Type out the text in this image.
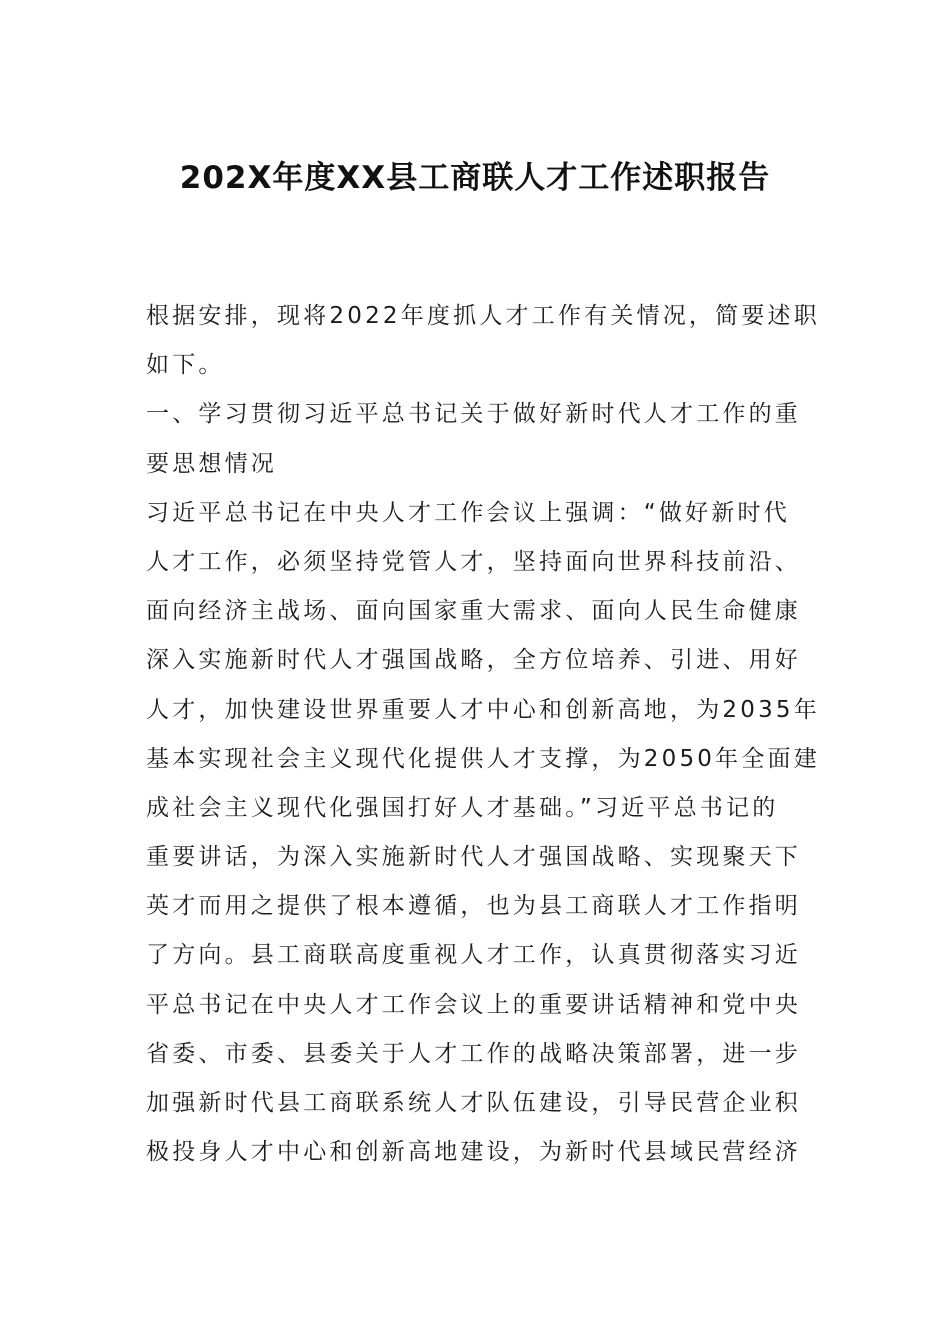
202X年度XX县工商联人才工作述职报告
根据安排，现将2022年度抓人才工作有关情况，简要述职
如下。
一、学习贯彻习近平总书记关于做好新时代人才工作的重
要思想情况
习近平总书记在中央人才工作会议上强调：“做好新时代
人才工作，必须坚持党管人才，坚持面向世界科技前沿、
面向经济主战场、面向国家重大需求、面向人民生命健康
深入实施新时代人才强国战略，全方位培养、引进、用好
人才，加快建设世界重要人才中心和创新高地，为2035年
基本实现社会主义现代化提供人才支撑，为2050年全面建
成社会主义现代化强国打好人才基础。”习近平总书记的
重要讲话，为深入实施新时代人才强国战略、实现聚天下
英才而用之提供了根本遵循，也为县工商联人才工作指明
了方向。县工商联高度重视人才工作，认真贯彻落实习近
平总书记在中央人才工作会议上的重要讲话精神和党中央
省委、市委、县委关于人才工作的战略决策部署，进一步
加强新时代县工商联系统人才队伍建设，引导民营企业积
极投身人才中心和创新高地建设，为新时代县域民营经济
